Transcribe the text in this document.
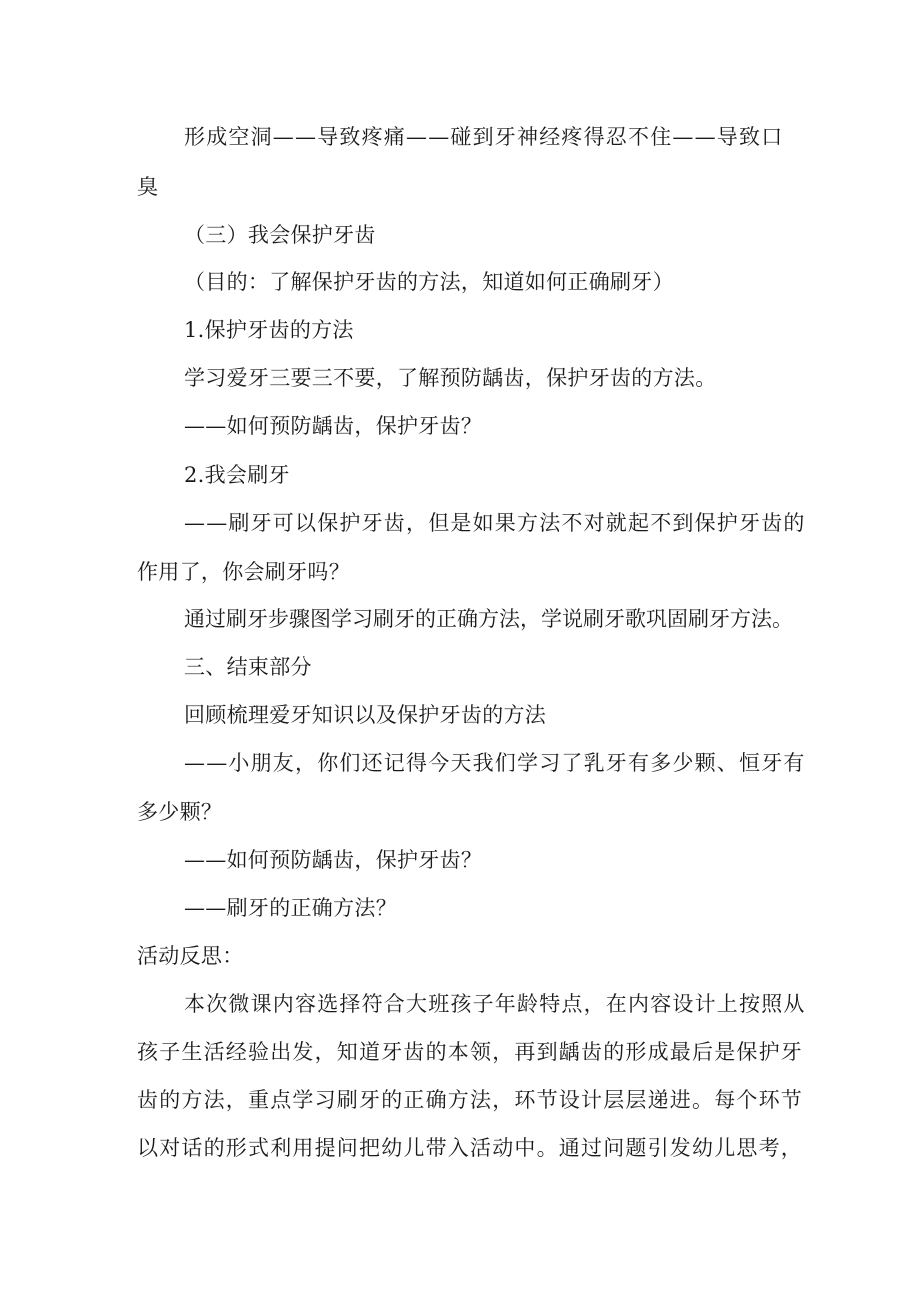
形成空洞——导致疼痛——碰到牙神经疼得忍不住——导致口

臭

（三）我会保护牙齿

（目的：了解保护牙齿的方法，知道如何正确刷牙）

1.保护牙齿的方法

学习爱牙三要三不要，了解预防龋齿，保护牙齿的方法。

——如何预防龋齿，保护牙齿？

2.我会刷牙

——刷牙可以保护牙齿，但是如果方法不对就起不到保护牙齿的

作用了，你会刷牙吗？

通过刷牙步骤图学习刷牙的正确方法，学说刷牙歌巩固刷牙方法。

三、结束部分

回顾梳理爱牙知识以及保护牙齿的方法

——小朋友，你们还记得今天我们学习了乳牙有多少颗、恒牙有

多少颗？

——如何预防龋齿，保护牙齿？

——刷牙的正确方法？

活动反思：

本次微课内容选择符合大班孩子年龄特点，在内容设计上按照从

孩子生活经验出发，知道牙齿的本领，再到龋齿的形成最后是保护牙

齿的方法，重点学习刷牙的正确方法，环节设计层层递进。每个环节

以对话的形式利用提问把幼儿带入活动中。通过问题引发幼儿思考，
